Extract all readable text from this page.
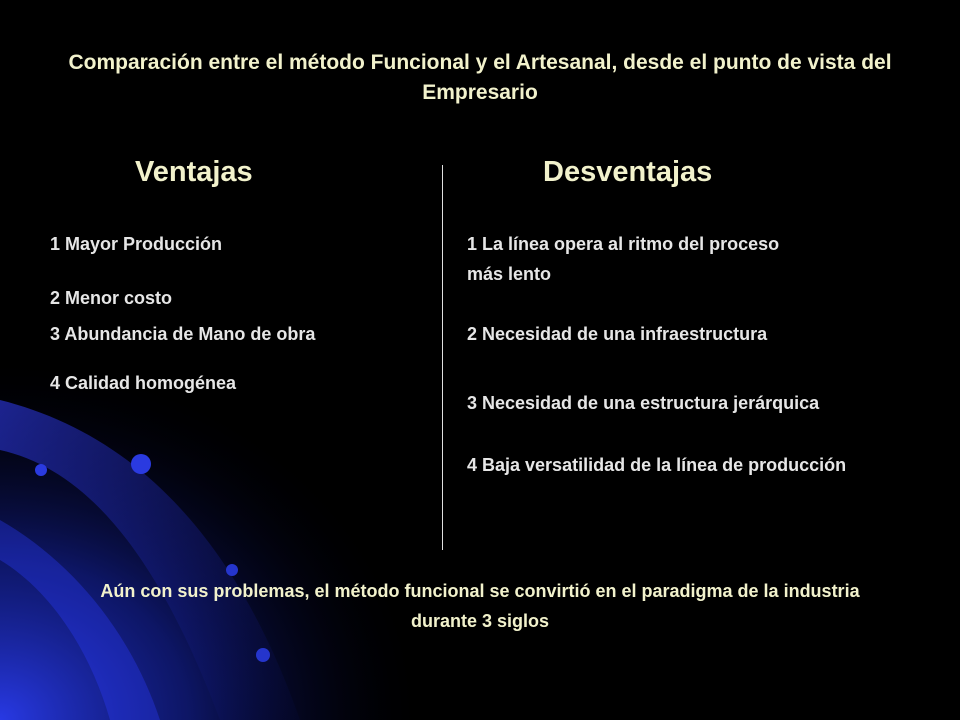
Comparación entre el método Funcional y el Artesanal, desde el punto de vista del Empresario
Ventajas	Desventajas
1 Mayor Producción
2 Menor costo
3 Abundancia de Mano de obra
4 Calidad homogénea
1 La línea opera al ritmo del proceso más lento
2 Necesidad de una infraestructura
3 Necesidad de una estructura jerárquica
4 Baja versatilidad de la línea de producción
Aún con sus problemas, el método funcional se convirtió en el paradigma de la industria durante 3 siglos
